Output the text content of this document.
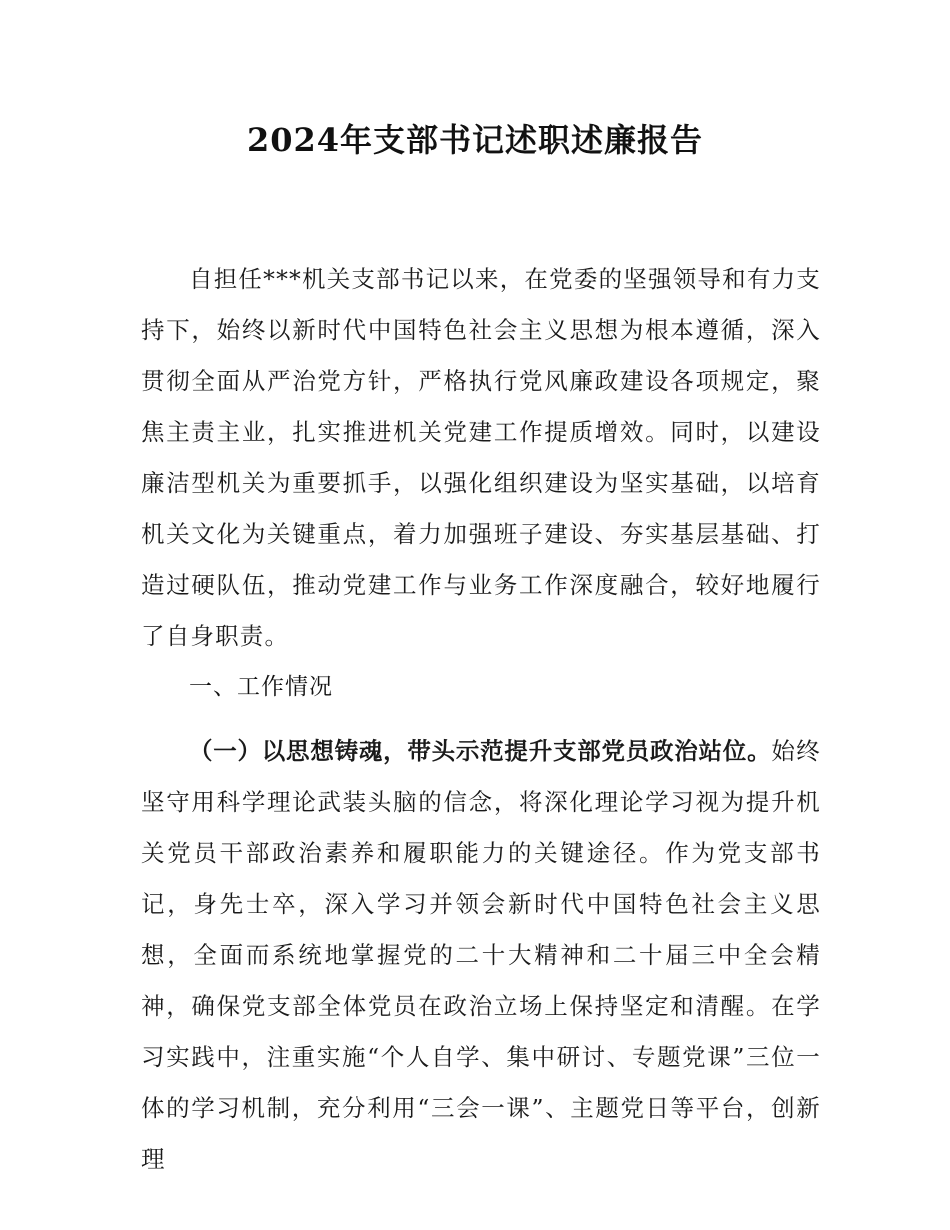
2024年支部书记述职述廉报告
自担任***机关支部书记以来，在党委的坚强领导和有力支持下，始终以新时代中国特色社会主义思想为根本遵循，深入贯彻全面从严治党方针，严格执行党风廉政建设各项规定，聚焦主责主业，扎实推进机关党建工作提质增效。同时，以建设廉洁型机关为重要抓手，以强化组织建设为坚实基础，以培育机关文化为关键重点，着力加强班子建设、夯实基层基础、打造过硬队伍，推动党建工作与业务工作深度融合，较好地履行了自身职责。
一、工作情况
（一）以思想铸魂，带头示范提升支部党员政治站位。始终坚守用科学理论武装头脑的信念，将深化理论学习视为提升机关党员干部政治素养和履职能力的关键途径。作为党支部书记，身先士卒，深入学习并领会新时代中国特色社会主义思想，全面而系统地掌握党的二十大精神和二十届三中全会精神，确保党支部全体党员在政治立场上保持坚定和清醒。在学习实践中，注重实施“个人自学、集中研讨、专题党课”三位一体的学习机制，充分利用“三会一课”、主题党日等平台，创新理
